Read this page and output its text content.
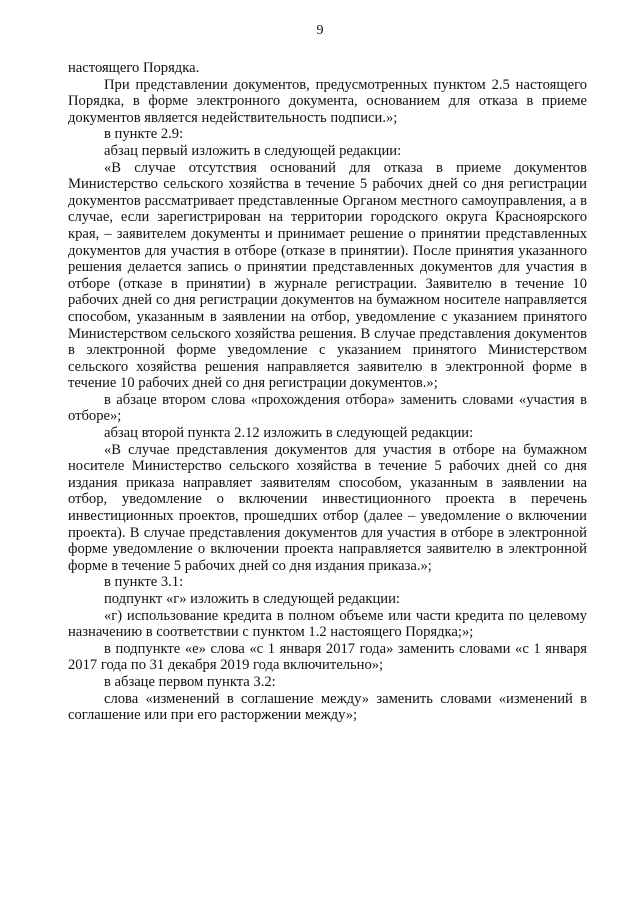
9

настоящего Порядка.

При представлении документов, предусмотренных пунктом 2.5 настоящего Порядка, в форме электронного документа, основанием для отказа в приеме документов является недействительность подписи.»;

в пункте 2.9:

абзац первый изложить в следующей редакции:

«В случае отсутствия оснований для отказа в приеме документов Министерство сельского хозяйства в течение 5 рабочих дней со дня регистрации документов рассматривает представленные Органом местного самоуправления, а в случае, если зарегистрирован на территории городского округа Красноярского края, – заявителем документы и принимает решение о принятии представленных документов для участия в отборе (отказе в принятии). После принятия указанного решения делается запись о принятии представленных документов для участия в отборе (отказе в принятии) в журнале регистрации. Заявителю в течение 10 рабочих дней со дня регистрации документов на бумажном носителе направляется способом, указанным в заявлении на отбор, уведомление с указанием принятого Министерством сельского хозяйства решения. В случае представления документов в электронной форме уведомление с указанием принятого Министерством сельского хозяйства решения направляется заявителю в электронной форме в течение 10 рабочих дней со дня регистрации документов.»;

в абзаце втором слова «прохождения отбора» заменить словами «участия в отборе»;

абзац второй пункта 2.12 изложить в следующей редакции:

«В случае представления документов для участия в отборе на бумажном носителе Министерство сельского хозяйства в течение 5 рабочих дней со дня издания приказа направляет заявителям способом, указанным в заявлении на отбор, уведомление о включении инвестиционного проекта в перечень инвестиционных проектов, прошедших отбор (далее – уведомление о включении проекта). В случае представления документов для участия в отборе в электронной форме уведомление о включении проекта направляется заявителю в электронной форме в течение 5 рабочих дней со дня издания приказа.»;

в пункте 3.1:

подпункт «г» изложить в следующей редакции:

«г) использование кредита в полном объеме или части кредита по целевому назначению в соответствии с пунктом 1.2 настоящего Порядка;»;

в подпункте «е» слова «с 1 января 2017 года» заменить словами «с 1 января 2017 года по 31 декабря 2019 года включительно»;

в абзаце первом пункта 3.2:

слова «изменений в соглашение между» заменить словами «изменений в соглашение или при его расторжении между»;
